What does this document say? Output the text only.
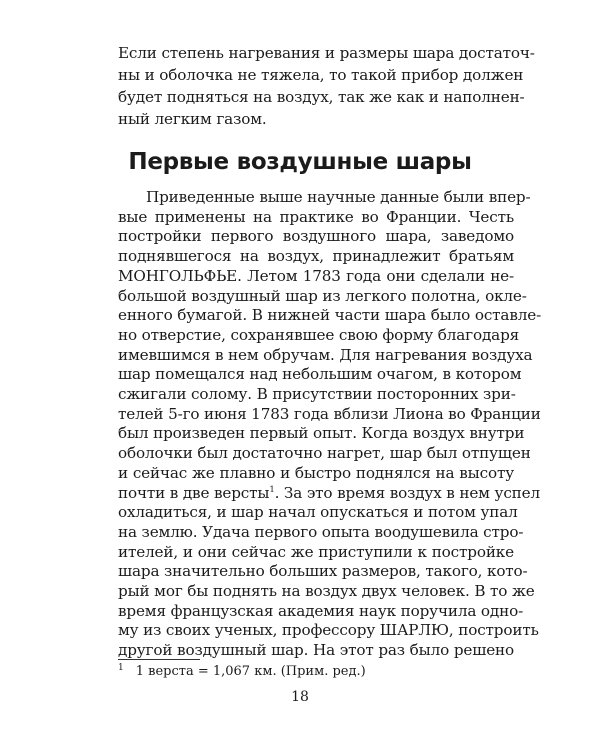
Если степень нагревания и размеры шара достаточ-
ны и оболочка не тяжела, то такой прибор должен
будет подняться на воздух, так же как и наполнен-
ный легким газом.
Первые воздушные шары
Приведенные выше научные данные были впер-
вые применены на практике во Франции. Честь
постройки первого воздушного шара, заведомо
поднявшегося на воздух, принадлежит братьям
МОНГОЛЬФЬЕ. Летом 1783 года они сделали не-
большой воздушный шар из легкого полотна, окле-
енного бумагой. В нижней части шара было оставле-
но отверстие, сохранявшее свою форму благодаря
имевшимся в нем обручам. Для нагревания воздуха
шар помещался над небольшим очагом, в котором
сжигали солому. В присутствии посторонних зри-
телей 5-го июня 1783 года вблизи Лиона во Франции
был произведен первый опыт. Когда воздух внутри
оболочки был достаточно нагрет, шар был отпущен
и сейчас же плавно и быстро поднялся на высоту
почти в две версты$^1$. За это время воздух в нем успел
охладиться, и шар начал опускаться и потом упал
на землю. Удача первого опыта воодушевила стро-
ителей, и они сейчас же приступили к постройке
шара значительно больших размеров, такого, кото-
рый мог бы поднять на воздух двух человек. В то же
время французская академия наук поручила одно-
му из своих ученых, профессору ШАРЛЮ, построить
другой воздушный шар. На этот раз было решено
$^1$ 1 верста = 1,067 км. (Прим. ред.)
18
